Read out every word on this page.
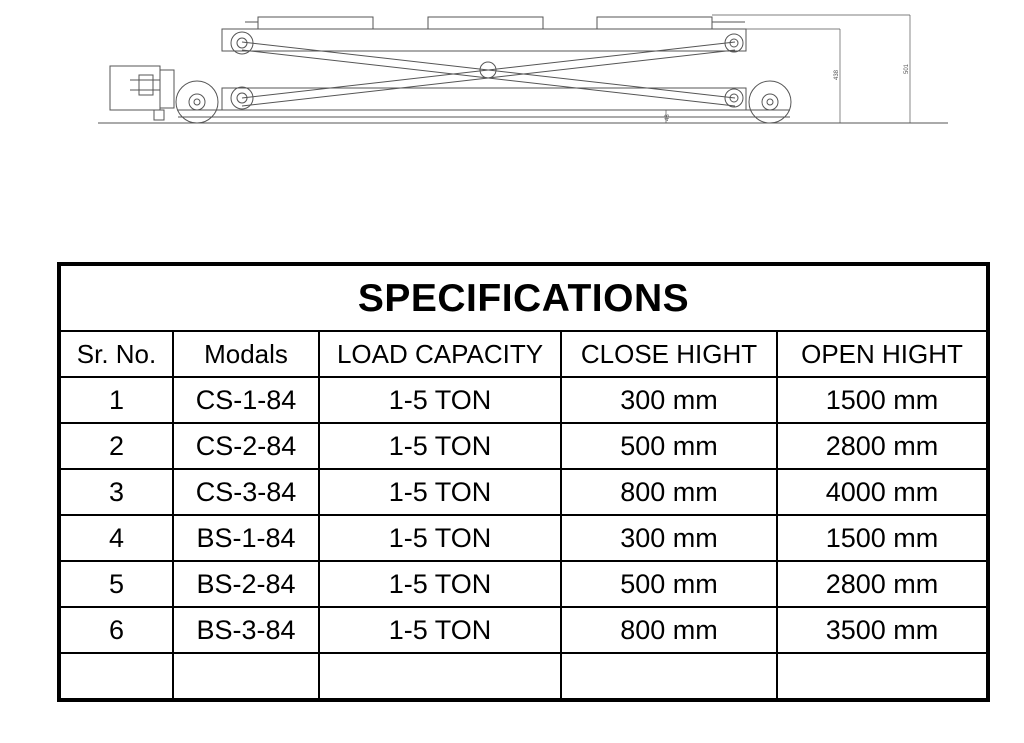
438
501
48
SPECIFICATIONS				
Sr. No.	Modals	LOAD CAPACITY	CLOSE HIGHT	OPEN HIGHT
1	CS-1-84	1-5 TON	300 mm	1500 mm
2	CS-2-84	1-5 TON	500 mm	2800 mm
3	CS-3-84	1-5 TON	800 mm	4000 mm
4	BS-1-84	1-5 TON	300 mm	1500 mm
5	BS-2-84	1-5 TON	500 mm	2800 mm
6	BS-3-84	1-5 TON	800 mm	3500 mm
